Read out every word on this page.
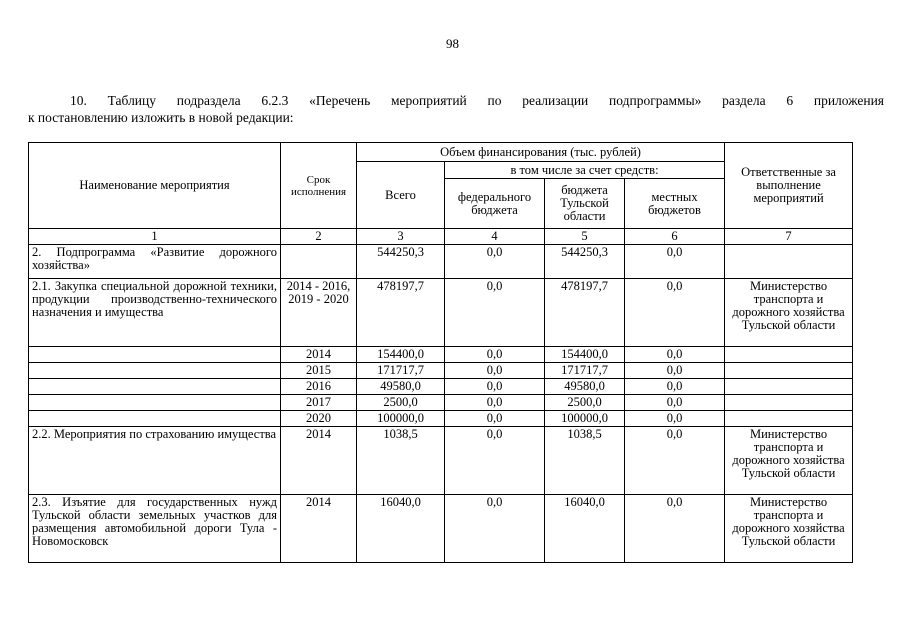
98
10. Таблицу подраздела 6.2.3 «Перечень мероприятий по реализации подпрограммы» раздела 6 приложения
к постановлению изложить в новой редакции:
Наименование мероприятия	Срок исполнения	Объем финансирования (тыс. рублей)				Ответственные за выполнение мероприятий
		Всего	в том числе за счет средств:			
			федерального бюджета	бюджета Тульской области	местных бюджетов	
1	2	3	4	5	6	7
2. Подпрограмма «Развитие дорожного хозяйства»		544250,3	0,0	544250,3	0,0	
2.1. Закупка специальной дорожной техники, продукции производственно-технического назначения и имущества	2014 - 2016, 2019 - 2020	478197,7	0,0	478197,7	0,0	Министерство транспорта и дорожного хозяйства Тульской области
	2014	154400,0	0,0	154400,0	0,0	
	2015	171717,7	0,0	171717,7	0,0	
	2016	49580,0	0,0	49580,0	0,0	
	2017	2500,0	0,0	2500,0	0,0	
	2020	100000,0	0,0	100000,0	0,0	
2.2. Мероприятия по страхованию имущества	2014	1038,5	0,0	1038,5	0,0	Министерство транспорта и дорожного хозяйства Тульской области
2.3. Изъятие для государственных нужд Тульской области земельных участков для размещения автомобильной дороги Тула - Новомосковск	2014	16040,0	0,0	16040,0	0,0	Министерство транспорта и дорожного хозяйства Тульской области
